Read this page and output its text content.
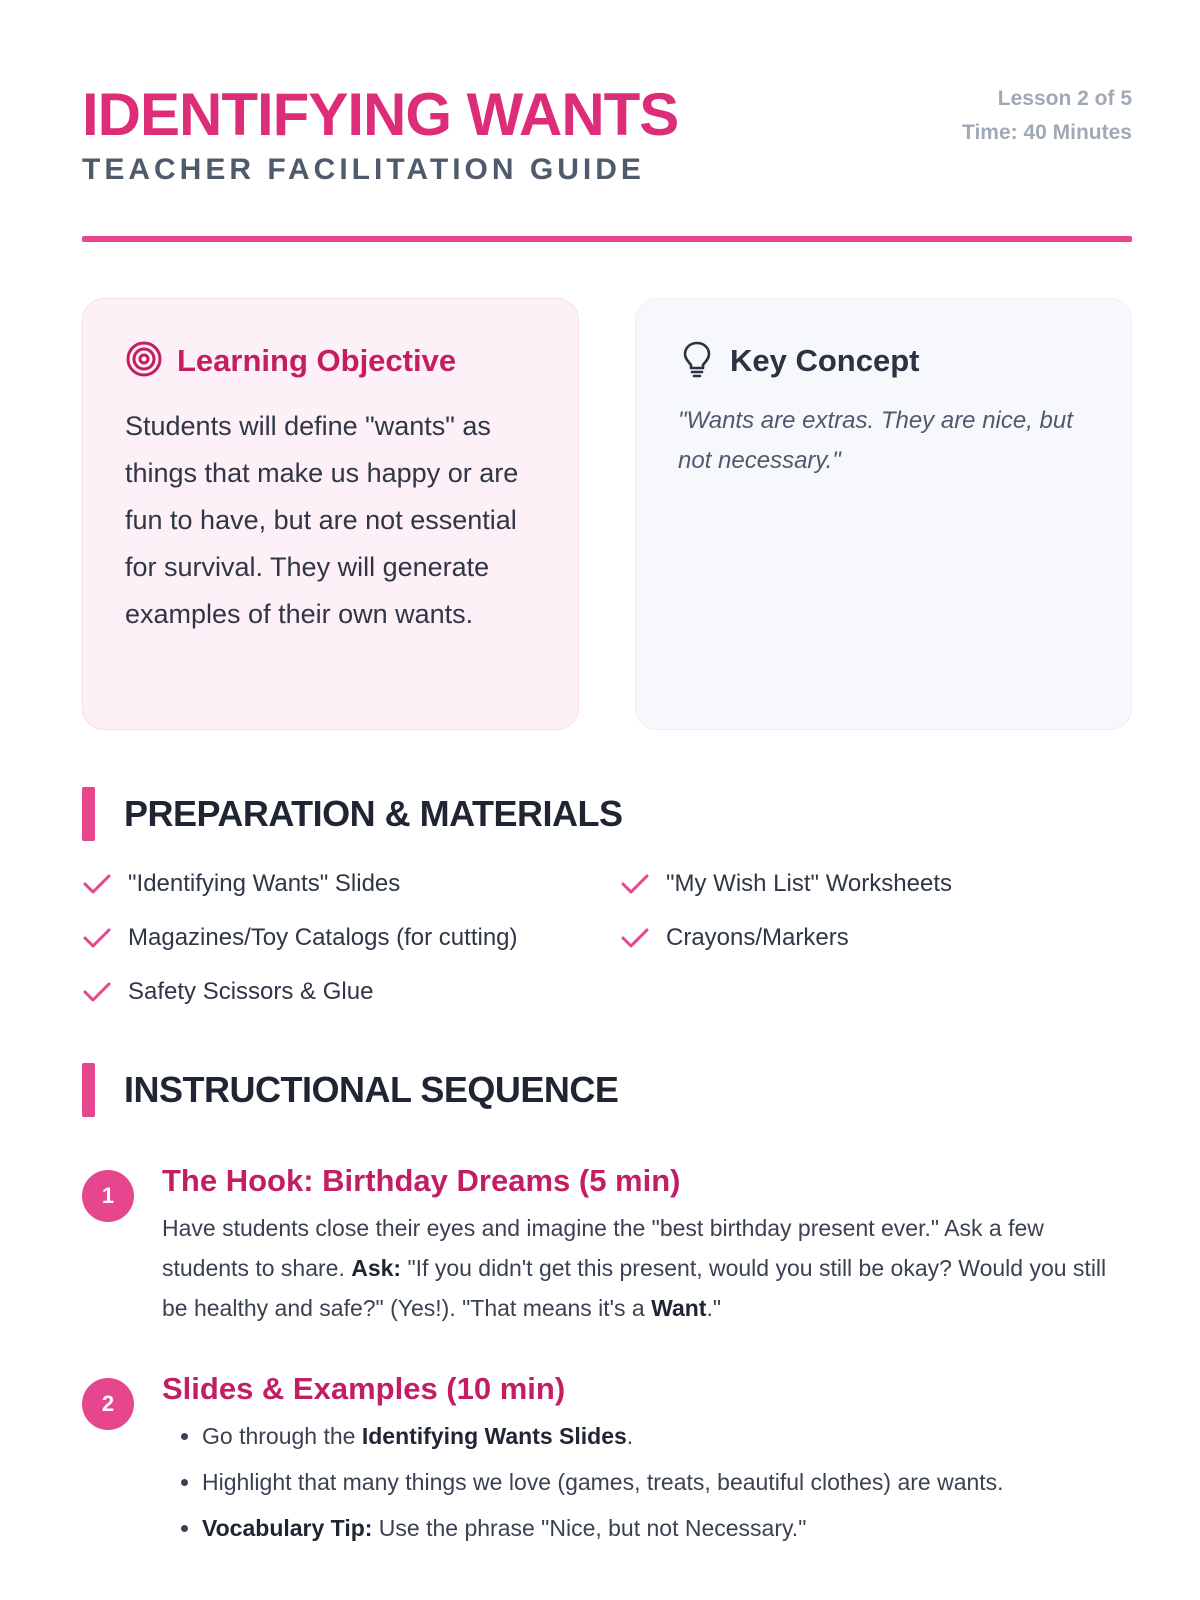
IDENTIFYING WANTS
TEACHER FACILITATION GUIDE
Lesson 2 of 5
Time: 40 Minutes
Learning Objective
Students will define "wants" as things that make us happy or are fun to have, but are not essential for survival. They will generate examples of their own wants.
Key Concept
"Wants are extras. They are nice, but not necessary."
PREPARATION & MATERIALS
"Identifying Wants" Slides	"My Wish List" Worksheets
Magazines/Toy Catalogs (for cutting)	Crayons/Markers
Safety Scissors & Glue
INSTRUCTIONAL SEQUENCE
1	The Hook: Birthday Dreams (5 min)
Have students close their eyes and imagine the "best birthday present ever." Ask a few students to share. Ask: "If you didn't get this present, would you still be okay? Would you still be healthy and safe?" (Yes!). "That means it's a Want."
2	Slides & Examples (10 min)
• Go through the Identifying Wants Slides.
• Highlight that many things we love (games, treats, beautiful clothes) are wants.
• Vocabulary Tip: Use the phrase "Nice, but not Necessary."
